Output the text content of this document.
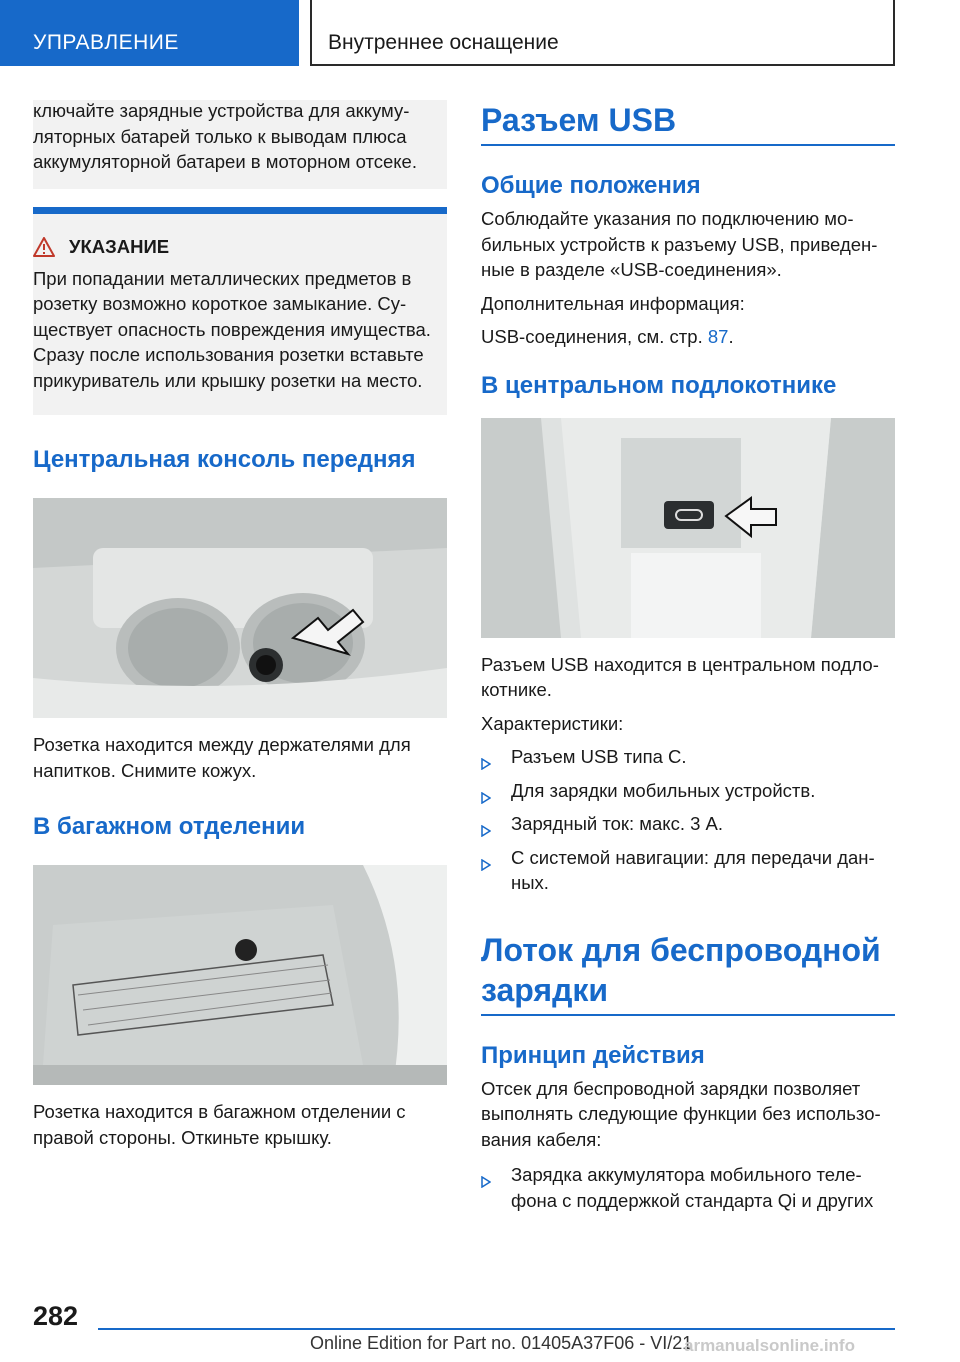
УПРАВЛЕНИЕ	Внутреннее оснащение

ключайте зарядные устройства для аккумуляторных батарей только к выводам плюса аккумуляторной батареи в моторном отсеке.

УКАЗАНИЕ

При попадании металлических предметов в розетку возможно короткое замыкание. Существует опасность повреждения имущества. Сразу после использования розетки вставьте прикуриватель или крышку розетки на место.

Центральная консоль передняя

Розетка находится между держателями для напитков. Снимите кожух.

В багажном отделении

Розетка находится в багажном отделении с правой стороны. Откиньте крышку.

Разъем USB
Общие положения

Соблюдайте указания по подключению мобильных устройств к разъему USB, приведенные в разделе «USB-соединения».

Дополнительная информация:

USB-соединения, см. стр. 87.

В центральном подлокотнике

Разъем USB находится в центральном подлокотнике.

Характеристики:

Разъем USB типа C.
Для зарядки мобильных устройств.
Зарядный ток: макс. 3 A.
С системой навигации: для передачи данных.
Лоток для беспроводной зарядки
Принцип действия

Отсек для беспроводной зарядки позволяет выполнять следующие функции без использования кабеля:

Зарядка аккумулятора мобильного телефона с поддержкой стандарта Qi и других
282
Online Edition for Part no. 01405A37F06 - VI/21
armanualsonline.info
